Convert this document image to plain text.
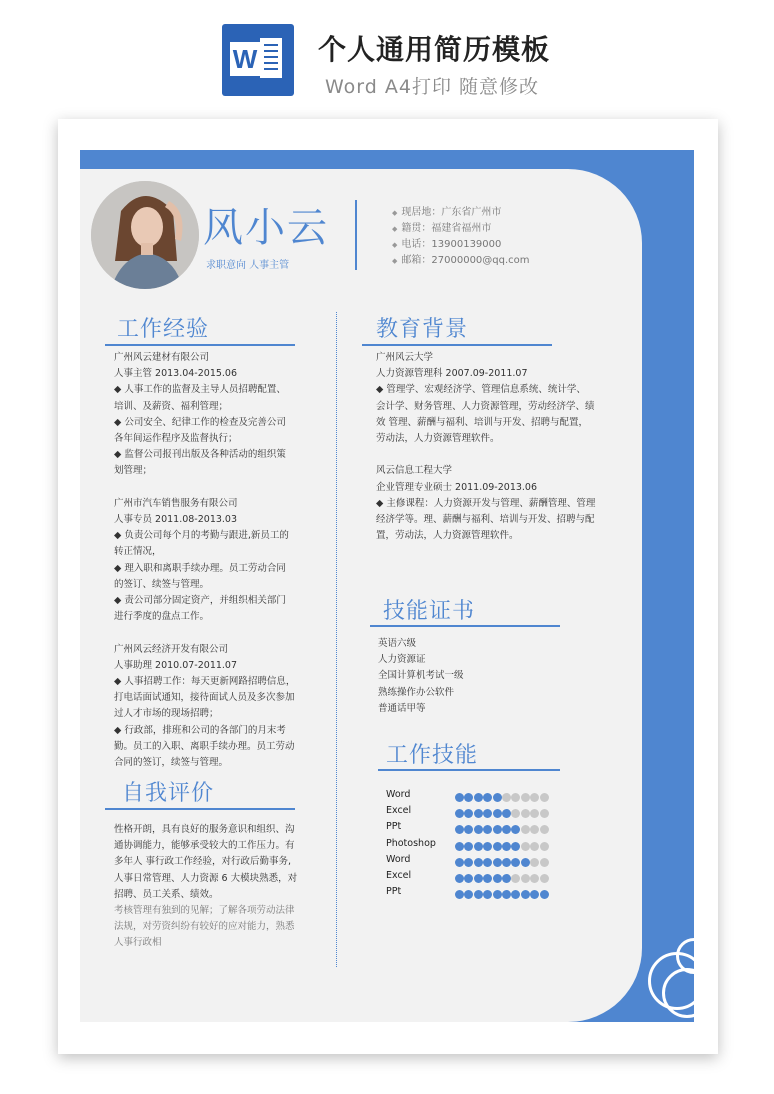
W 个人通用简历模板
Word A4打印 随意修改
风小云
求职意向 人事主管
◆ 现居地：广东省广州市
◆ 籍贯：福建省福州市
◆ 电话：13900139000
◆ 邮箱：27000000@qq.com
工作经验

广州风云建材有限公司

人事主管 2013.04-2015.06

◆ 人事工作的监督及主导人员招聘配置、

培训、及薪资、福利管理；

◆ 公司安全、纪律工作的检查及完善公司

各年间运作程序及监督执行；

◆ 监督公司报刊出版及各种活动的组织策

划管理；

广州市汽车销售服务有限公司

人事专员 2011.08-2013.03

◆ 负责公司每个月的考勤与跟进,新员工的

转正情况，

◆ 理入职和离职手续办理。员工劳动合同

的签订、续签与管理。

◆ 责公司部分固定资产，并组织相关部门

进行季度的盘点工作。

广州风云经济开发有限公司

人事助理 2010.07-2011.07

◆ 人事招聘工作：每天更新网路招聘信息，

打电话面试通知，接待面试人员及多次参加

过人才市场的现场招聘；

◆ 行政部，排班和公司的各部门的月末考

勤。员工的入职、离职手续办理。员工劳动

合同的签订，续签与管理。

自我评价

性格开朗，具有良好的服务意识和组织、沟

通协调能力，能够承受较大的工作压力。有

多年人 事行政工作经验，对行政后勤事务,

人事日常管理、人力资源 6 大模块熟悉，对

招聘、员工关系、绩效。

考核管理有独到的见解；了解各项劳动法律

法规，对劳资纠纷有较好的应对能力，熟悉

人事行政相

教育背景

广州风云大学

人力资源管理科 2007.09-2011.07

◆ 管理学、宏观经济学、管理信息系统、统计学、

会计学、财务管理、人力资源管理，劳动经济学、绩

效 管理、薪酬与福利、培训与开发、招聘与配置，

劳动法，人力资源管理软件。

风云信息工程大学

企业管理专业硕士 2011.09-2013.06

◆ 主修课程：人力资源开发与管理、薪酬管理、管理

经济学等。理、薪酬与福利、培训与开发、招聘与配

置，劳动法，人力资源管理软件。

技能证书

英语六级

人力资源证

全国计算机考试一级

熟练操作办公软件

普通话甲等

工作技能
Word
Excel
PPt
Photoshop
Word
Excel
PPt
